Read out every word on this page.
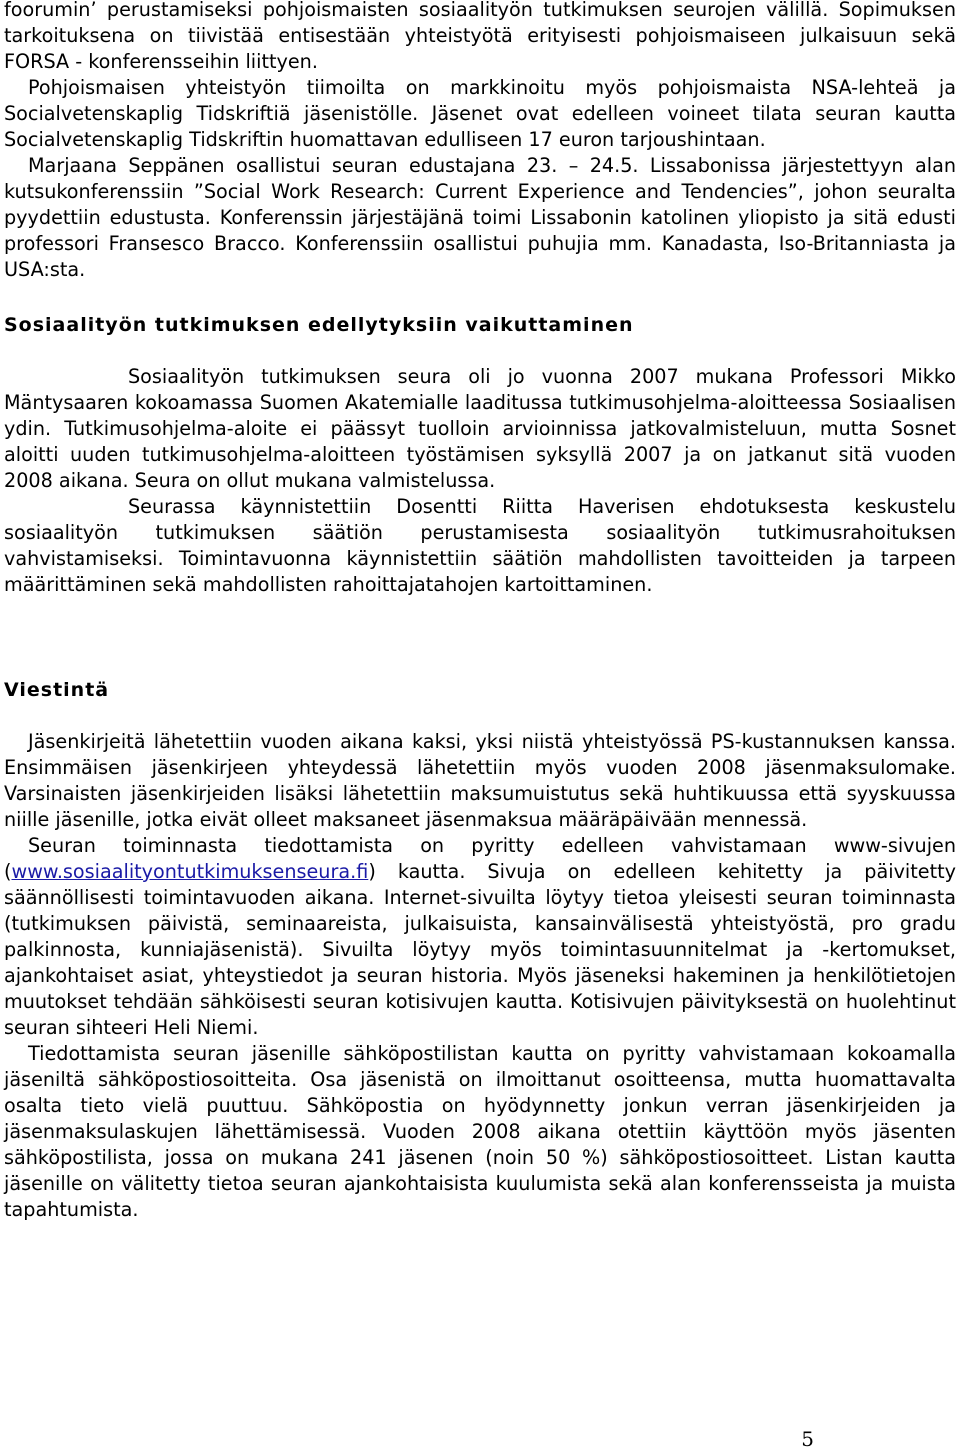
foorumin’ perustamiseksi pohjoismaisten sosiaalityön tutkimuksen seurojen välillä. Sopimuksen tarkoituksena on tiivistää entisestään yhteistyötä erityisesti pohjoismaiseen julkaisuun sekä FORSA - konferensseihin liittyen.

Pohjoismaisen yhteistyön tiimoilta on markkinoitu myös pohjoismaista NSA-lehteä ja Socialvetenskaplig Tidskriftiä jäsenistölle. Jäsenet ovat edelleen voineet tilata seuran kautta Socialvetenskaplig Tidskriftin huomattavan edulliseen 17 euron tarjoushintaan.

Marjaana Seppänen osallistui seuran edustajana 23. – 24.5. Lissabonissa järjestettyyn alan kutsukonferenssiin ”Social Work Research: Current Experience and Tendencies”, johon seuralta pyydettiin edustusta. Konferenssin järjestäjänä toimi Lissabonin katolinen yliopisto ja sitä edusti professori Fransesco Bracco. Konferenssiin osallistui puhujia mm. Kanadasta, Iso-Britanniasta ja USA:sta.

Sosiaalityön tutkimuksen edellytyksiin vaikuttaminen

Sosiaalityön tutkimuksen seura oli jo vuonna 2007 mukana Professori Mikko Mäntysaaren kokoamassa Suomen Akatemialle laaditussa tutkimusohjelma-aloitteessa Sosiaalisen ydin. Tutkimusohjelma-aloite ei päässyt tuolloin arvioinnissa jatkovalmisteluun, mutta Sosnet aloitti uuden tutkimusohjelma-aloitteen työstämisen syksyllä 2007 ja on jatkanut sitä vuoden 2008 aikana. Seura on ollut mukana valmistelussa.

Seurassa käynnistettiin Dosentti Riitta Haverisen ehdotuksesta keskustelu sosiaalityön tutkimuksen säätiön perustamisesta sosiaalityön tutkimusrahoituksen vahvistamiseksi. Toimintavuonna käynnistettiin säätiön mahdollisten tavoitteiden ja tarpeen määrittäminen sekä mahdollisten rahoittajatahojen kartoittaminen.

Viestintä

Jäsenkirjeitä lähetettiin vuoden aikana kaksi, yksi niistä yhteistyössä PS-kustannuksen kanssa. Ensimmäisen jäsenkirjeen yhteydessä lähetettiin myös vuoden 2008 jäsenmaksulomake. Varsinaisten jäsenkirjeiden lisäksi lähetettiin maksumuistutus sekä huhtikuussa että syyskuussa niille jäsenille, jotka eivät olleet maksaneet jäsenmaksua määräpäivään mennessä.

Seuran toiminnasta tiedottamista on pyritty edelleen vahvistamaan www-sivujen (www.sosiaalityontutkimuksenseura.fi) kautta. Sivuja on edelleen kehitetty ja päivitetty säännöllisesti toimintavuoden aikana. Internet-sivuilta löytyy tietoa yleisesti seuran toiminnasta (tutkimuksen päivistä, seminaareista, julkaisuista, kansainvälisestä yhteistyöstä, pro gradu palkinnosta, kunniajäsenistä). Sivuilta löytyy myös toimintasuunnitelmat ja -kertomukset, ajankohtaiset asiat, yhteystiedot ja seuran historia. Myös jäseneksi hakeminen ja henkilötietojen muutokset tehdään sähköisesti seuran kotisivujen kautta. Kotisivujen päivityksestä on huolehtinut seuran sihteeri Heli Niemi.

Tiedottamista seuran jäsenille sähköpostilistan kautta on pyritty vahvistamaan kokoamalla jäseniltä sähköpostiosoitteita. Osa jäsenistä on ilmoittanut osoitteensa, mutta huomattavalta osalta tieto vielä puuttuu. Sähköpostia on hyödynnetty jonkun verran jäsenkirjeiden ja jäsenmaksulaskujen lähettämisessä. Vuoden 2008 aikana otettiin käyttöön myös jäsenten sähköpostilista, jossa on mukana 241 jäsenen (noin 50 %) sähköpostiosoitteet. Listan kautta jäsenille on välitetty tietoa seuran ajankohtaisista kuulumista sekä alan konferensseista ja muista tapahtumista.

5
